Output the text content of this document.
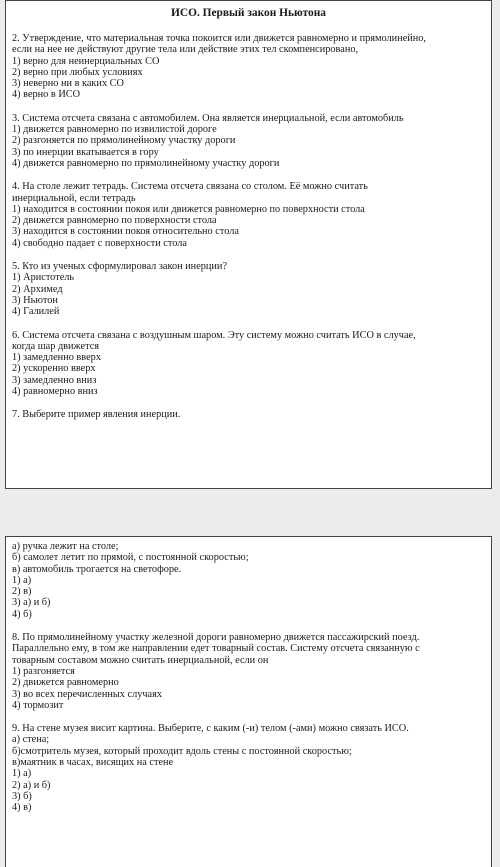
ИСО. Первый закон Ньютона
2. Утверждение, что материальная точка покоится или движется равномерно и прямолинейно,
если на нее не действуют другие тела или действие этих тел скомпенсировано,
1) верно для неинерциальных СО
2) верно при любых условиях
3) неверно ни в каких СО
4) верно в ИСО
3. Система отсчета связана с автомобилем. Она является инерциальной, если автомобиль
1) движется равномерно по извилистой дороге
2) разгоняется по прямолинейному участку дороги
3) по инерции вкатывается в гору
4) движется равномерно по прямолинейному участку дороги
4. На столе лежит тетрадь. Система отсчета связана со столом. Её можно считать
инерциальной, если тетрадь
1) находится в состоянии покоя или движется равномерно по поверхности стола
2) движется равномерно по поверхности стола
3) находится в состоянии покоя относительно стола
4) свободно падает с поверхности стола
5. Кто из ученых сформулировал закон инерции?
1) Аристотель
2) Архимед
3) Ньютон
4) Галилей
6. Система отсчета связана с воздушным шаром. Эту систему можно считать ИСО в случае,
когда шар движется
1) замедленно вверх
2) ускоренно вверх
3) замедленно вниз
4) равномерно вниз
7. Выберите пример явления инерции.
а) ручка лежит на столе;
б) самолет летит по прямой, с постоянной скоростью;
в) автомобиль трогается на светофоре.
1) а)
2) в)
3) а) и б)
4) б)
8. По прямолинейному участку железной дороги равномерно движется пассажирский поезд.
Параллельно ему, в том же направлении едет товарный состав. Систему отсчета связанную с
товарным составом можно считать инерциальной, если он
1) разгоняется
2) движется равномерно
3) во всех перечисленных случаях
4) тормозит
9. На стене музея висит картина. Выберите, с каким (-и) телом (-ами) можно связать ИСО.
а) стена;
б)смотритель музея, который проходит вдоль стены с постоянной скоростью;
в)маятник в часах, висящих на стене
1) а)
2) а) и б)
3) б)
4) в)
